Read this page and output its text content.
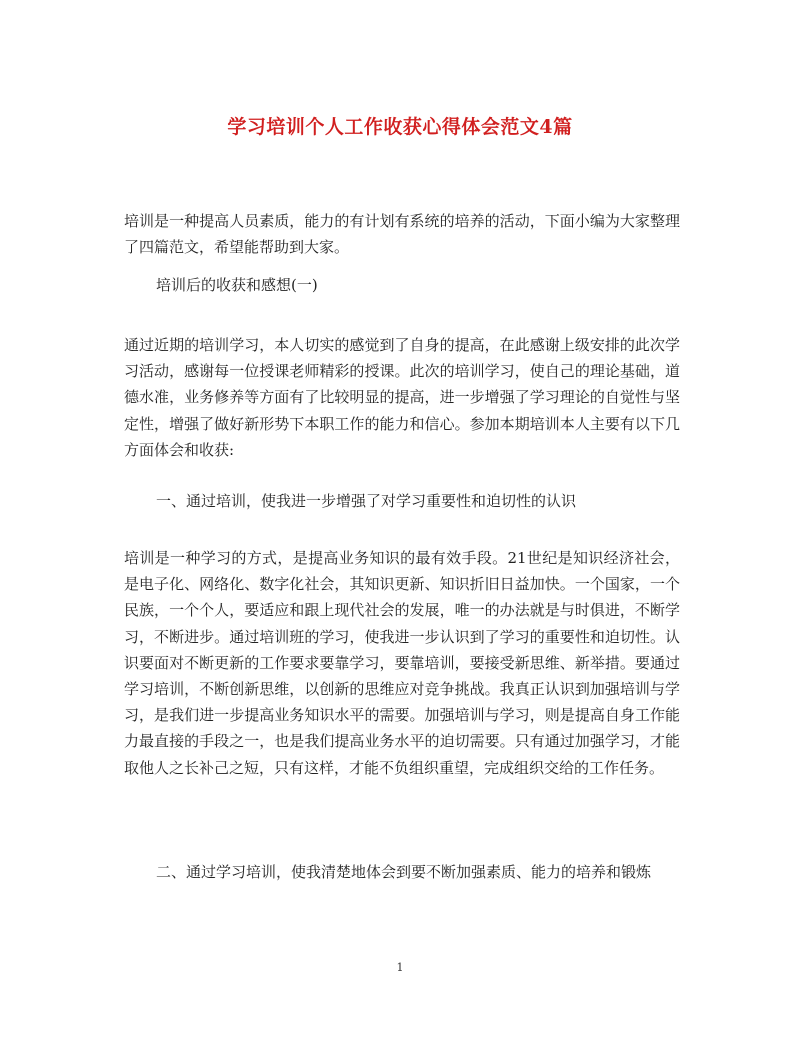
学习培训个人工作收获心得体会范文4篇
培训是一种提高人员素质，能力的有计划有系统的培养的活动，下面小编为大家整理了四篇范文，希望能帮助到大家。
培训后的收获和感想(一)
通过近期的培训学习，本人切实的感觉到了自身的提高，在此感谢上级安排的此次学习活动，感谢每一位授课老师精彩的授课。此次的培训学习，使自己的理论基础，道德水准，业务修养等方面有了比较明显的提高，进一步增强了学习理论的自觉性与坚定性，增强了做好新形势下本职工作的能力和信心。参加本期培训本人主要有以下几方面体会和收获:
一、通过培训，使我进一步增强了对学习重要性和迫切性的认识
培训是一种学习的方式，是提高业务知识的最有效手段。21世纪是知识经济社会，是电子化、网络化、数字化社会，其知识更新、知识折旧日益加快。一个国家，一个民族，一个个人，要适应和跟上现代社会的发展，唯一的办法就是与时俱进，不断学习，不断进步。通过培训班的学习，使我进一步认识到了学习的重要性和迫切性。认识要面对不断更新的工作要求要靠学习，要靠培训，要接受新思维、新举措。要通过学习培训，不断创新思维，以创新的思维应对竞争挑战。我真正认识到加强培训与学习，是我们进一步提高业务知识水平的需要。加强培训与学习，则是提高自身工作能力最直接的手段之一，也是我们提高业务水平的迫切需要。只有通过加强学习，才能取他人之长补己之短，只有这样，才能不负组织重望，完成组织交给的工作任务。
二、通过学习培训，使我清楚地体会到要不断加强素质、能力的培养和锻炼
1
